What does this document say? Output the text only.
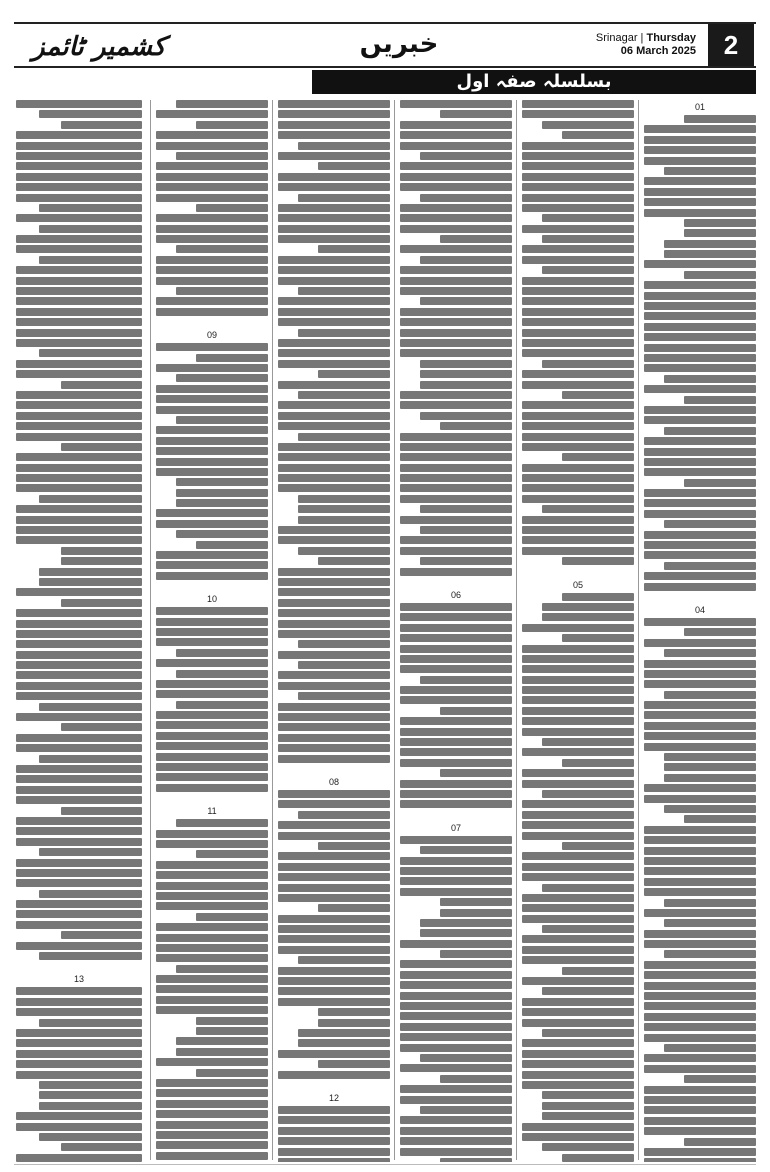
کشمیر ٹائمز	خبریں	Srinagar | Thursday
06 March 2025	2
بسلسلہ صفہ اول
01
04
05
06
07
08
12
09
10
11
13
